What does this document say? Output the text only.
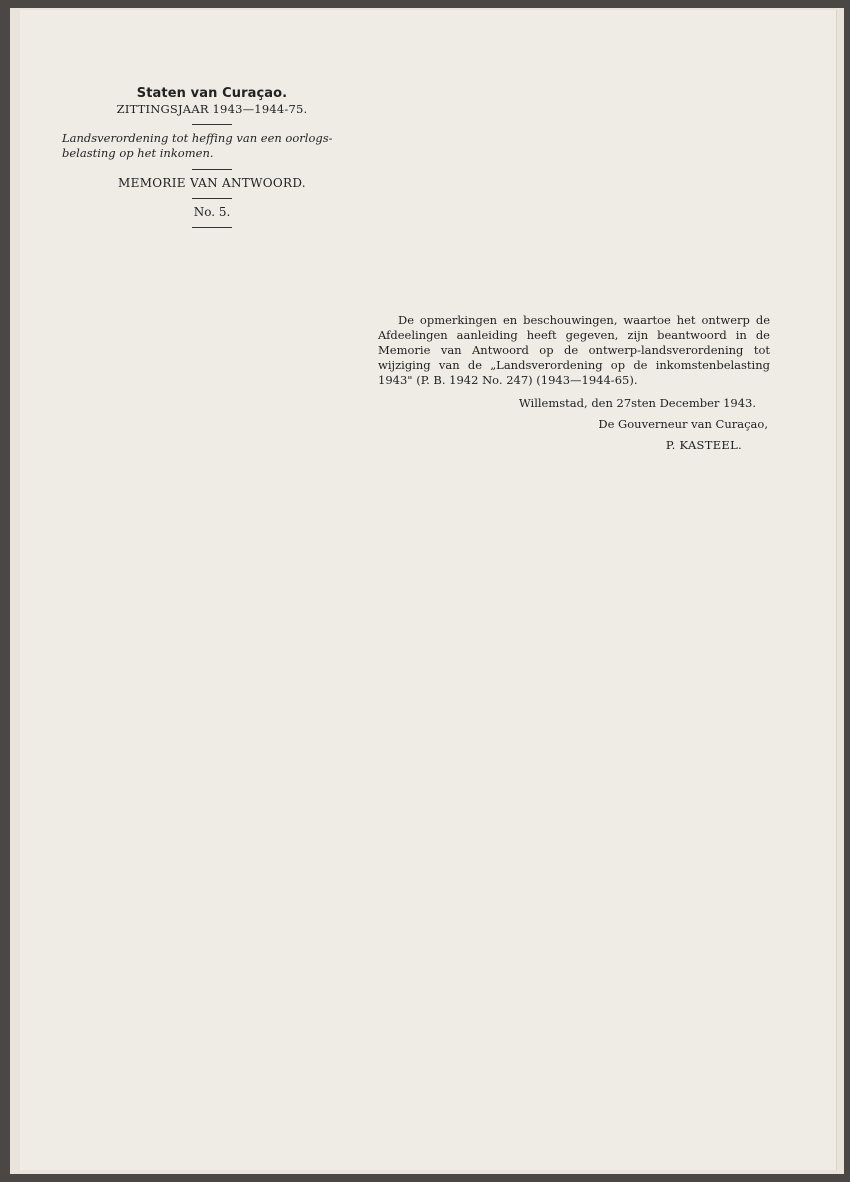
Staten van Curaçao.
ZITTINGSJAAR 1943—1944-75.
Landsverordening tot heffing van een oorlogs-
belasting op het inkomen.
MEMORIE VAN ANTWOORD.
No. 5.

De opmerkingen en beschouwingen, waartoe het ontwerp de Afdeelingen aanleiding heeft gegeven, zijn beantwoord in de Memorie van Antwoord op de ontwerp-landsverordening tot wijziging van de „Landsverordening op de inkomstenbelasting 1943" (P. B. 1942 No. 247) (1943—1944-65).

Willemstad, den 27sten December 1943.
De Gouverneur van Curaçao,
P. KASTEEL.
